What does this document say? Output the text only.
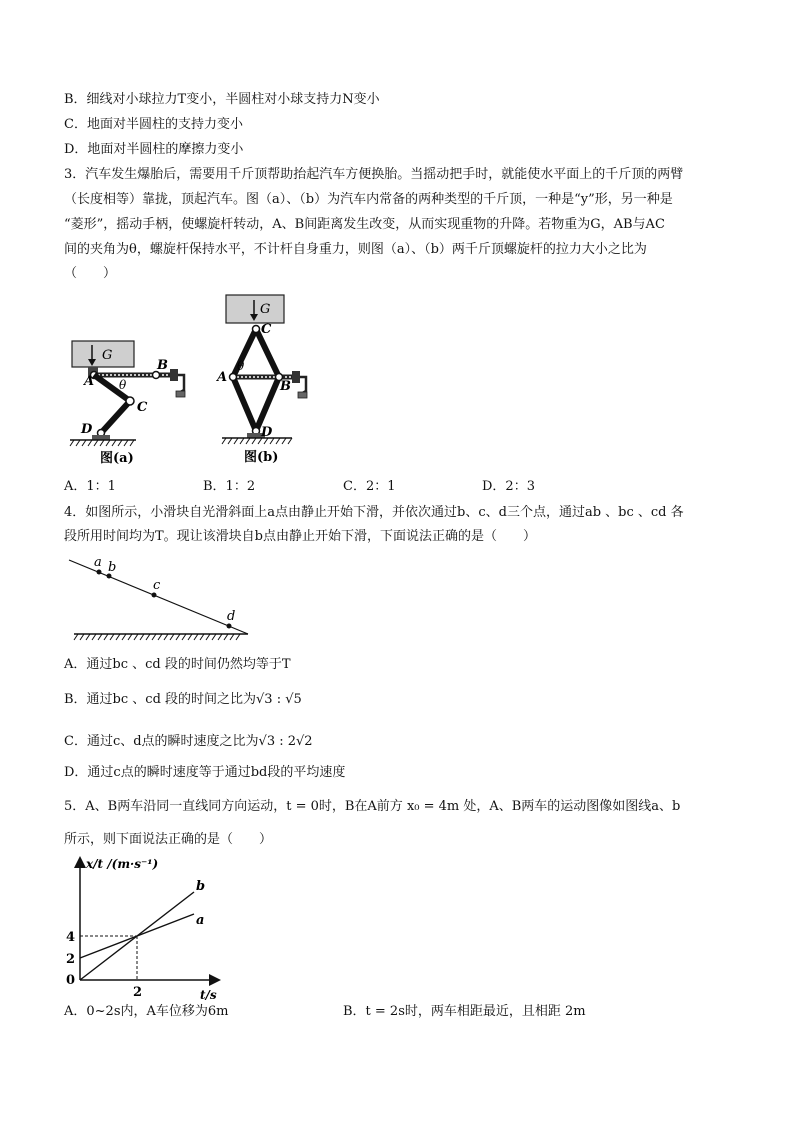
B．细线对小球拉力T变小，半圆柱对小球支持力N变小
C．地面对半圆柱的支持力变小
D．地面对半圆柱的摩擦力变小
3．汽车发生爆胎后，需要用千斤顶帮助抬起汽车方便换胎。当摇动把手时，就能使水平面上的千斤顶的两臂
（长度相等）靠拢，顶起汽车。图（a）、（b）为汽车内常备的两种类型的千斤顶，一种是“y”形，另一种是
“菱形”，摇动手柄，使螺旋杆转动，A、B间距离发生改变，从而实现重物的升降。若物重为G，AB与AC
间的夹角为θ，螺旋杆保持水平，不计杆自身重力，则图（a）、（b）两千斤顶螺旋杆的拉力大小之比为
（　　）
G
A
B
C
D
θ
图(a)
G
C
A
B
D
θ
图(b)
A．1：1	B．1：2	C．2：1	D．2：3
4．如图所示，小滑块自光滑斜面上a点由静止开始下滑，并依次通过b、c、d三个点，通过ab 、bc 、cd 各
段所用时间均为T。现让该滑块自b点由静止开始下滑，下面说法正确的是（　　）
a b
c
d
A．通过bc 、cd 段的时间仍然均等于T
B．通过bc 、cd 段的时间之比为√3 : √5
C．通过c、d点的瞬时速度之比为√3 : 2√2
D．通过c点的瞬时速度等于通过bd段的平均速度
5．A、B两车沿同一直线同方向运动，t = 0时，B在A前方 x₀ = 4m 处，A、B两车的运动图像如图线a、b
所示，则下面说法正确的是（　　）
0
2
4
2
a
b
x/t /(m·s⁻¹)
t/s
A．0~2s内，A车位移为6m	B．t = 2s时，两车相距最近，且相距 2m
